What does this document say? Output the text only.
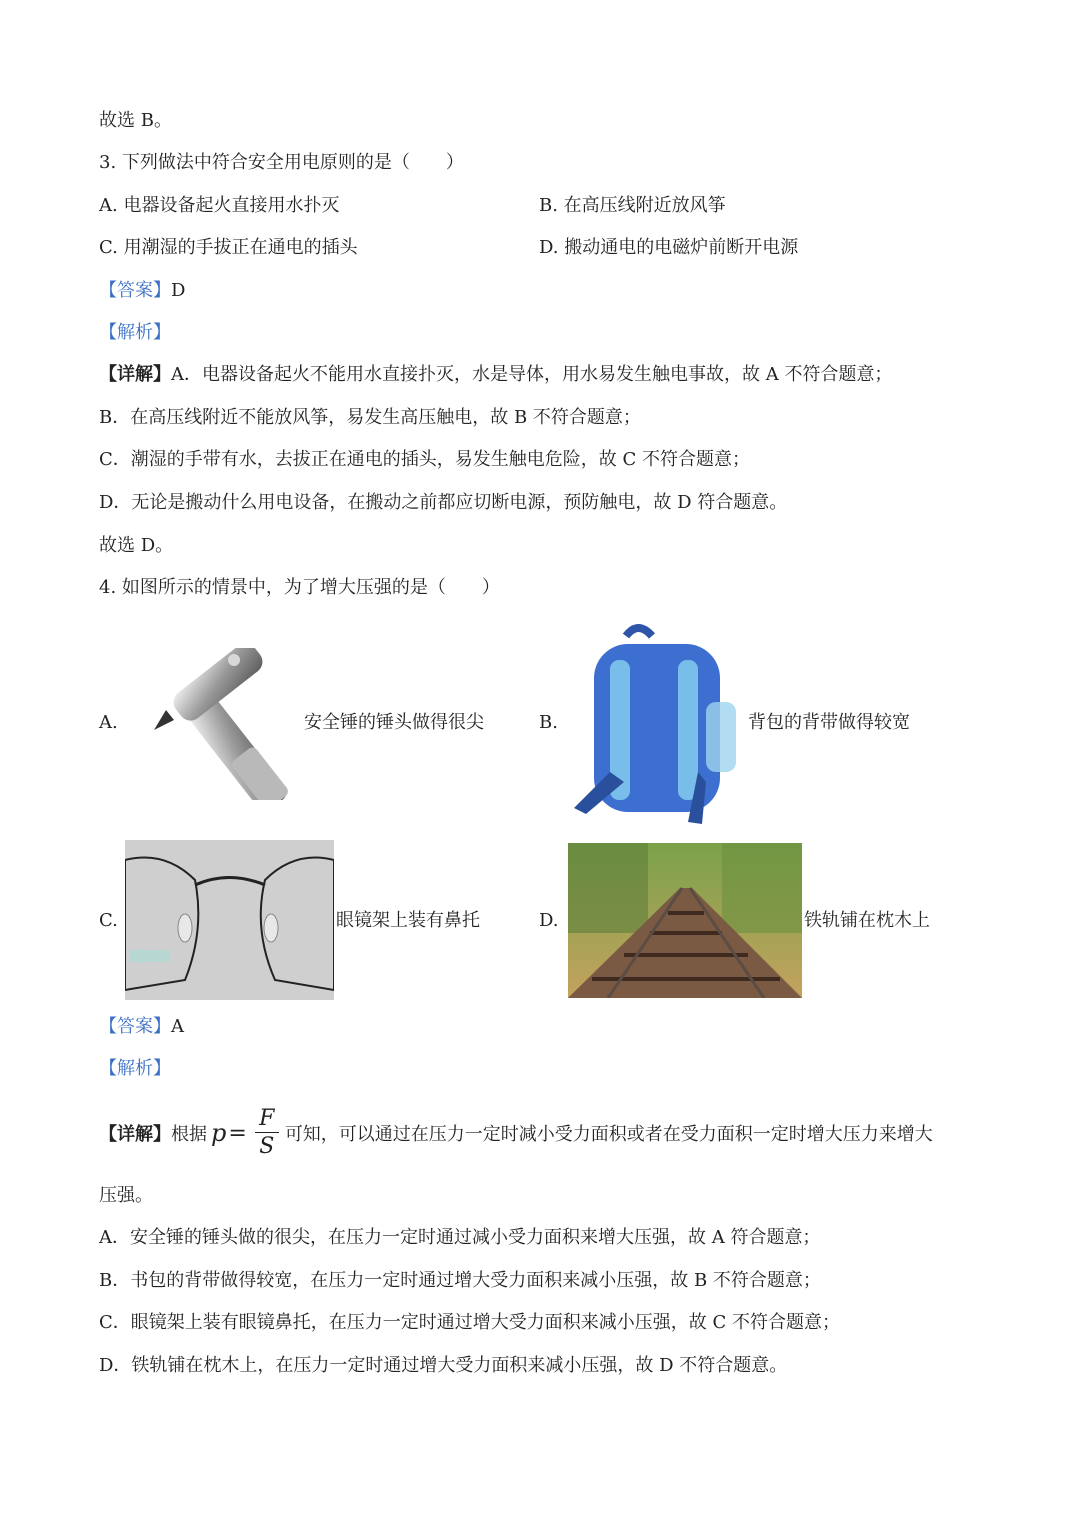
故选 B。
3. 下列做法中符合安全用电原则的是（　　）
A. 电器设备起火直接用水扑灭	B. 在高压线附近放风筝
C. 用潮湿的手拔正在通电的插头	D. 搬动通电的电磁炉前断开电源
【答案】D
【解析】
【详解】A．电器设备起火不能用水直接扑灭，水是导体，用水易发生触电事故，故 A 不符合题意；
B．在高压线附近不能放风筝，易发生高压触电，故 B 不符合题意；
C．潮湿的手带有水，去拔正在通电的插头，易发生触电危险，故 C 不符合题意；
D．无论是搬动什么用电设备，在搬动之前都应切断电源，预防触电，故 D 符合题意。
故选 D。
4. 如图所示的情景中，为了增大压强的是（　　）
A.	安全锤的锤头做得很尖	B.	背包的背带做得较宽
C.	眼镜架上装有鼻托	D.	铁轨铺在枕木上
【答案】A
【解析】
【详解】 根据 $p = \frac{F}{S}$ 可知，可以通过在压力一定时减小受力面积或者在受力面积一定时增大压力来增大
压强。
A．安全锤的锤头做的很尖，在压力一定时通过减小受力面积来增大压强，故 A 符合题意；
B．书包的背带做得较宽，在压力一定时通过增大受力面积来减小压强，故 B 不符合题意；
C．眼镜架上装有眼镜鼻托，在压力一定时通过增大受力面积来减小压强，故 C 不符合题意；
D．铁轨铺在枕木上，在压力一定时通过增大受力面积来减小压强，故 D 不符合题意。
